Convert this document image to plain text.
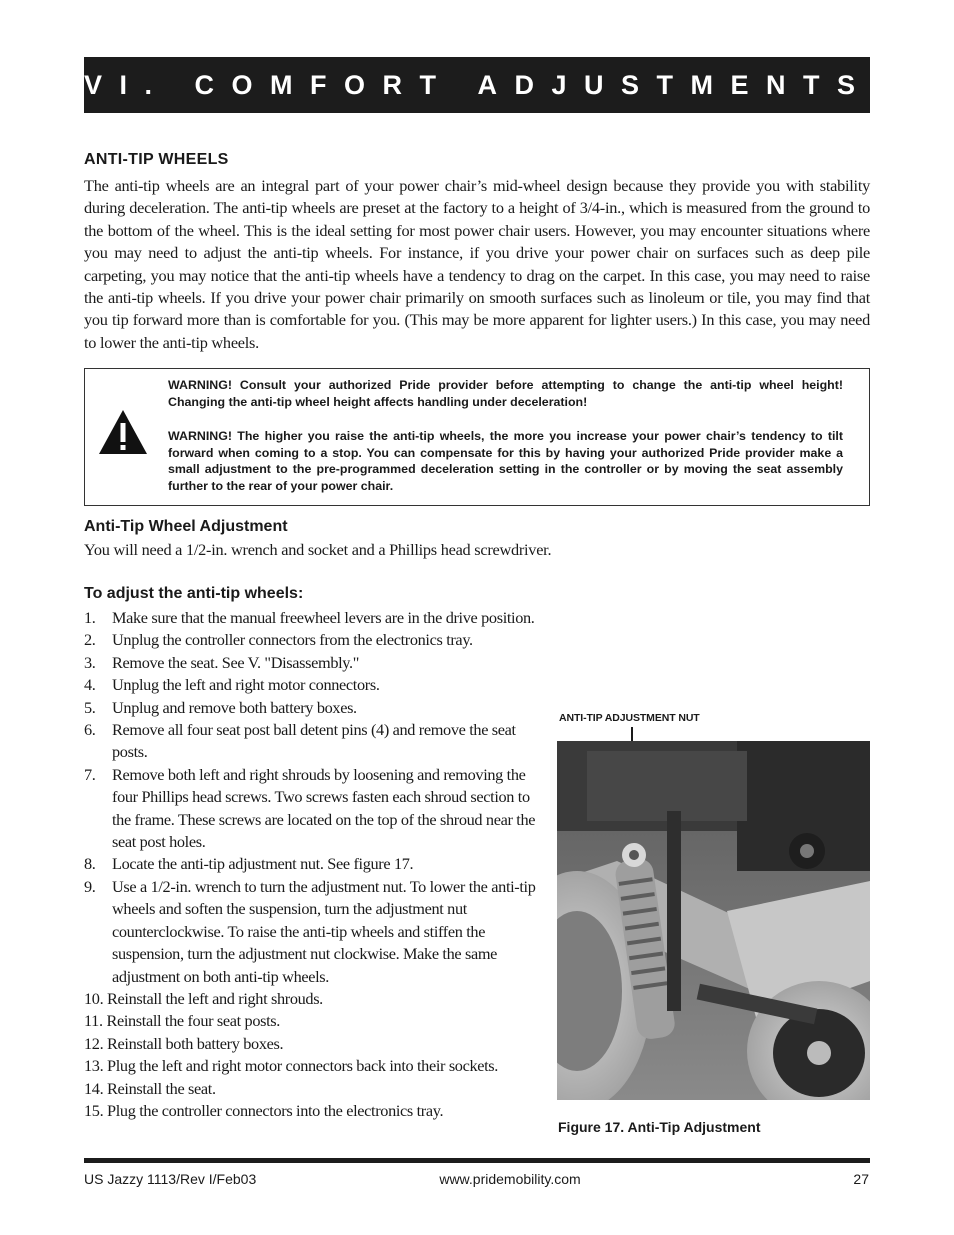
VI. COMFORT ADJUSTMENTS
ANTI-TIP WHEELS

The anti-tip wheels are an integral part of your power chair’s mid-wheel design because they provide you with stability during deceleration. The anti-tip wheels are preset at the factory to a height of 3/4-in., which is measured from the ground to the bottom of the wheel. This is the ideal setting for most power chair users. However, you may encounter situations where you may need to adjust the anti-tip wheels. For instance, if you drive your power chair on surfaces such as deep pile carpeting, you may notice that the anti-tip wheels have a tendency to drag on the carpet. In this case, you may need to raise the anti-tip wheels. If you drive your power chair primarily on smooth surfaces such as linoleum or tile, you may find that you tip forward more than is comfortable for you. (This may be more apparent for lighter users.) In this case, you may need to lower the anti-tip wheels.

WARNING! Consult your authorized Pride provider before attempting to change the anti-tip wheel height! Changing the anti-tip wheel height affects handling under deceleration!

WARNING! The higher you raise the anti-tip wheels, the more you increase your power chair’s tendency to tilt forward when coming to a stop. You can compensate for this by having your authorized Pride provider make a small adjustment to the pre-programmed deceleration setting in the controller or by moving the seat assembly further to the rear of your power chair.

Anti-Tip Wheel Adjustment
You will need a 1/2-in. wrench and socket and a Phillips head screwdriver.
To adjust the anti-tip wheels:
1. Make sure that the manual freewheel levers are in the drive position.
2. Unplug the controller connectors from the electronics tray.
3. Remove the seat. See V. "Disassembly."
4. Unplug the left and right motor connectors.
5. Unplug and remove both battery boxes.
6. Remove all four seat post ball detent pins (4) and remove the seat posts.
7. Remove both left and right shrouds by loosening and removing the four Phillips head screws. Two screws fasten each shroud section to the frame. These screws are located on the top of the shroud near the seat post holes.
8. Locate the anti-tip adjustment nut. See figure 17.
9. Use a 1/2-in. wrench to turn the adjustment nut. To lower the anti-tip wheels and soften the suspension, turn the adjustment nut counterclockwise. To raise the anti-tip wheels and stiffen the suspension, turn the adjustment nut clockwise. Make the same adjustment on both anti-tip wheels.
10. Reinstall the left and right shrouds.
11. Reinstall the four seat posts.
12. Reinstall both battery boxes.
13. Plug the left and right motor connectors back into their sockets.
14. Reinstall the seat.
15. Plug the controller connectors into the electronics tray.
ANTI-TIP ADJUSTMENT NUT
Figure 17. Anti-Tip Adjustment
US Jazzy 1113/Rev I/Feb03	www.pridemobility.com	27
